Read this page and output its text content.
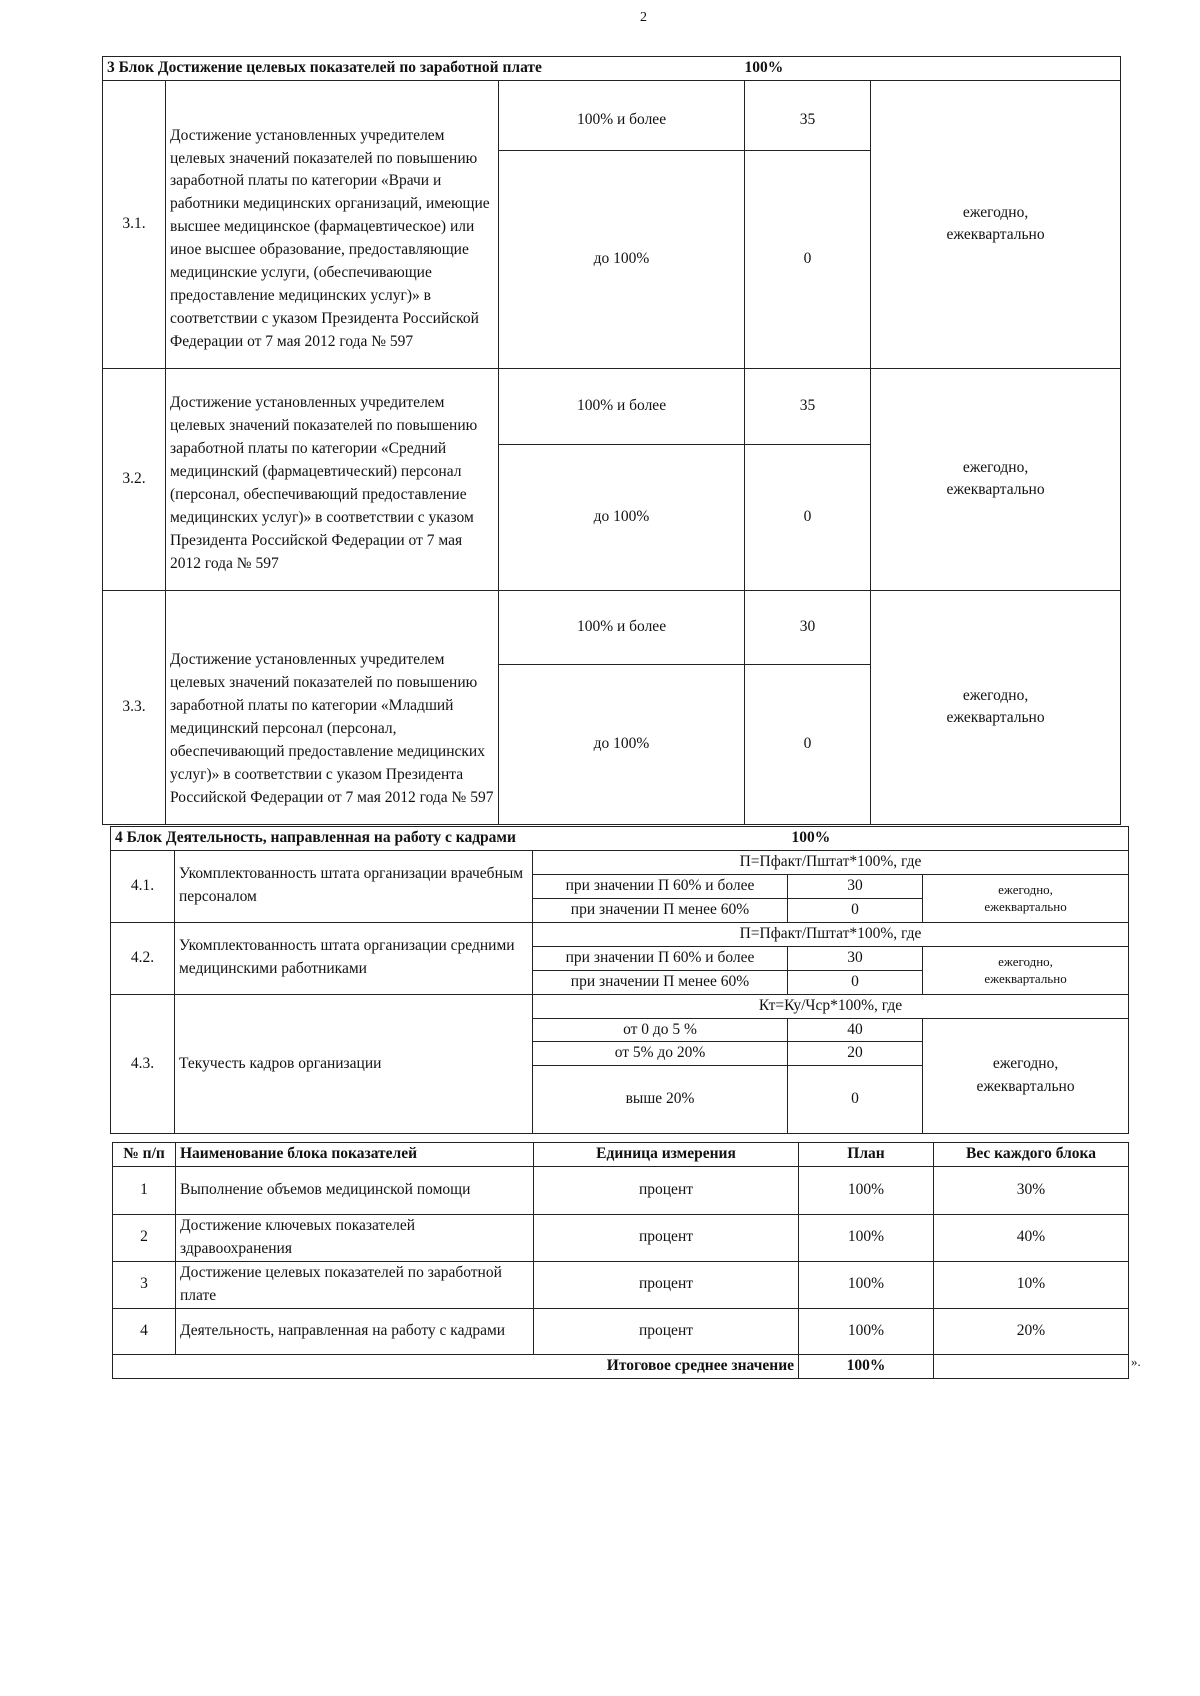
2
3 Блок Достижение целевых показателей по заработной плате			100%	
3.1.	Достижение установленных учредителем целевых значений показателей по повышению заработной платы по категории «Врачи и работники медицинских организаций, имеющие высшее медицинское (фармацевтическое) или иное высшее образование, предоставляющие медицинские услуги, (обеспечивающие предоставление медицинских услуг)» в соответствии с указом Президента Российской Федерации от 7 мая 2012 года № 597	100% и более	35	ежегодно, ежеквартально
		до 100%	0	
3.2.	Достижение установленных учредителем целевых значений показателей по повышению заработной платы по категории «Средний медицинский (фармацевтический) персонал (персонал, обеспечивающий предоставление медицинских услуг)» в соответствии с указом Президента Российской Федерации от 7 мая 2012 года № 597	100% и более	35	ежегодно, ежеквартально
		до 100%	0	
3.3.	Достижение установленных учредителем целевых значений показателей по повышению заработной платы по категории «Младший медицинский персонал (персонал, обеспечивающий предоставление медицинских услуг)» в соответствии с указом Президента Российской Федерации от 7 мая 2012 года № 597	100% и более	30	ежегодно, ежеквартально
		до 100%	0	
4 Блок Деятельность, направленная на работу с кадрами			100%	
4.1.	Укомплектованность штата организации врачебным персоналом	П=Пфакт/Пштат*100%, где		
		при значении П 60% и более	30	ежегодно, ежеквартально
		при значении П менее 60%	0	
4.2.	Укомплектованность штата организации средними медицинскими работниками	П=Пфакт/Пштат*100%, где		
		при значении П 60% и более	30	ежегодно, ежеквартально
		при значении П менее 60%	0	
4.3.	Текучесть кадров организации	Кт=Ку/Чср*100%, где		
		от 0 до 5 %	40	ежегодно, ежеквартально
		от 5% до 20%	20	
		выше 20%	0	
№ п/п	Наименование блока показателей	Единица измерения	План	Вес каждого блока
1	Выполнение объемов медицинской помощи	процент	100%	30%
2	Достижение ключевых показателей здравоохранения	процент	100%	40%
3	Достижение целевых показателей по заработной плате	процент	100%	10%
4	Деятельность, направленная на работу с кадрами	процент	100%	20%
Итоговое среднее значение			100%		».
